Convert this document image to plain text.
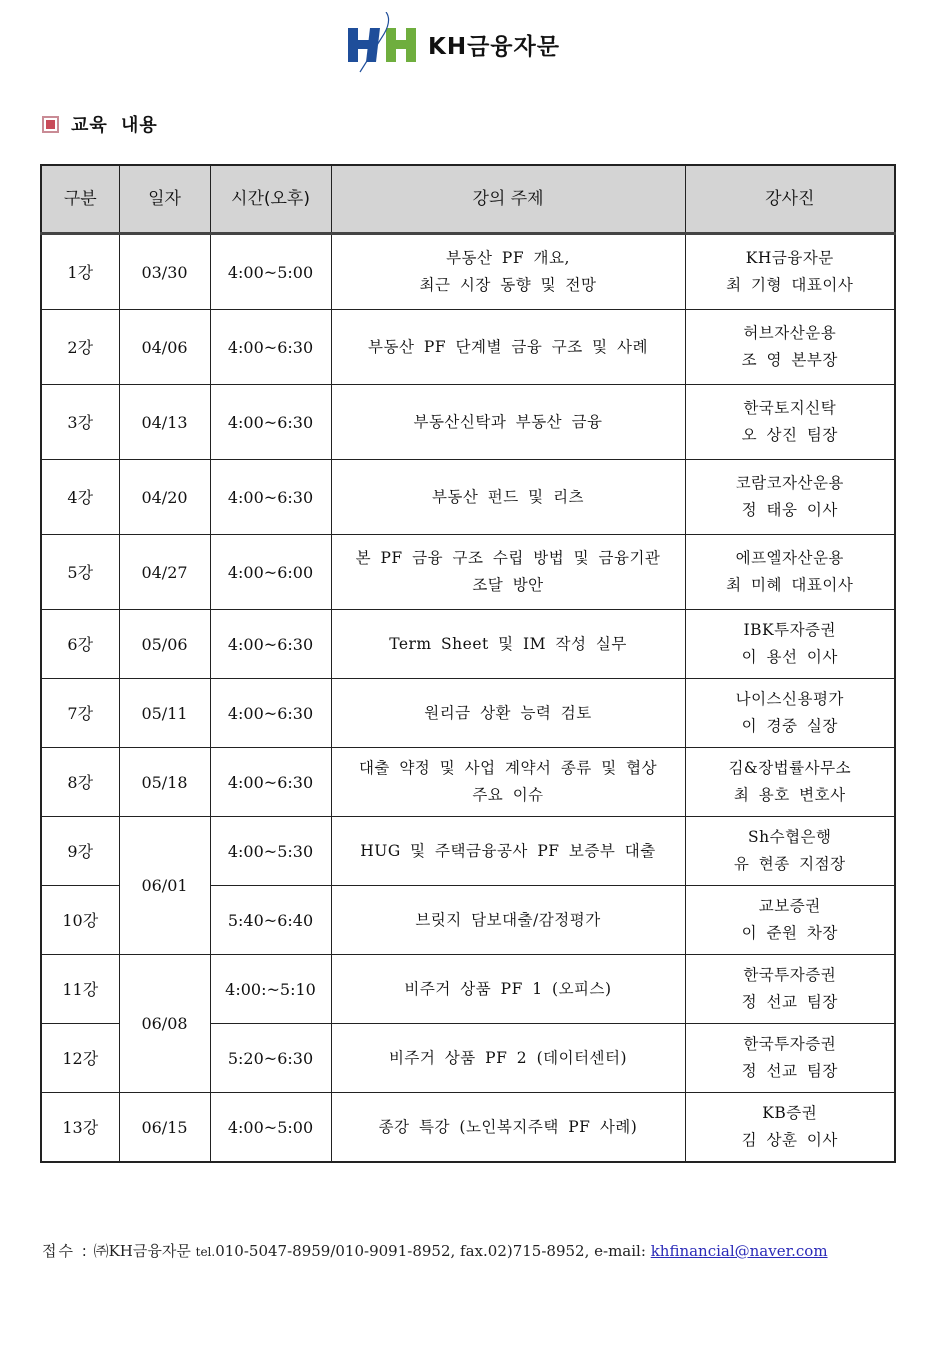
KH금융자문
교육 내용
구분	일자	시간(오후)	강의 주제	강사진
1강	03/30	4:00~5:00	부동산 PF 개요,
최근 시장 동향 및 전망	KH금융자문
최 기형 대표이사

2강	04/06	4:00~6:30	부동산 PF 단계별 금융 구조 및 사례	허브자산운용
조 영 본부장

3강	04/13	4:00~6:30	부동산신탁과 부동산 금융	한국토지신탁
오 상진 팀장

4강	04/20	4:00~6:30	부동산 펀드 및 리츠	코람코자산운용
정 태웅 이사

5강	04/27	4:00~6:00	본 PF 금융 구조 수립 방법 및 금융기관
조달 방안	에프엘자산운용
최 미혜 대표이사

6강	05/06	4:00~6:30	Term Sheet 및 IM 작성 실무	IBK투자증권
이 용선 이사

7강	05/11	4:00~6:30	원리금 상환 능력 검토	나이스신용평가
이 경중 실장

8강	05/18	4:00~6:30	대출 약정 및 사업 계약서 종류 및 협상
주요 이슈	김&장법률사무소
최 용호 변호사

9강	06/01	4:00~5:30	HUG 및 주택금융공사 PF 보증부 대출	Sh수협은행
유 현종 지점장

10강		5:40~6:40	브릿지 담보대출/감정평가	교보증권
이 준원 차장

11강	06/08	4:00:~5:10	비주거 상품 PF 1 (오피스)	한국투자증권
정 선교 팀장

12강		5:20~6:30	비주거 상품 PF 2 (데이터센터)	한국투자증권
정 선교 팀장

13강	06/15	4:00~5:00	종강 특강 (노인복지주택 PF 사례)	KB증권
김 상훈 이사
접수 : ㈜KH금융자문 tel.010-5047-8959/010-9091-8952, fax.02)715-8952, e-mail: khfinancial@naver.com
